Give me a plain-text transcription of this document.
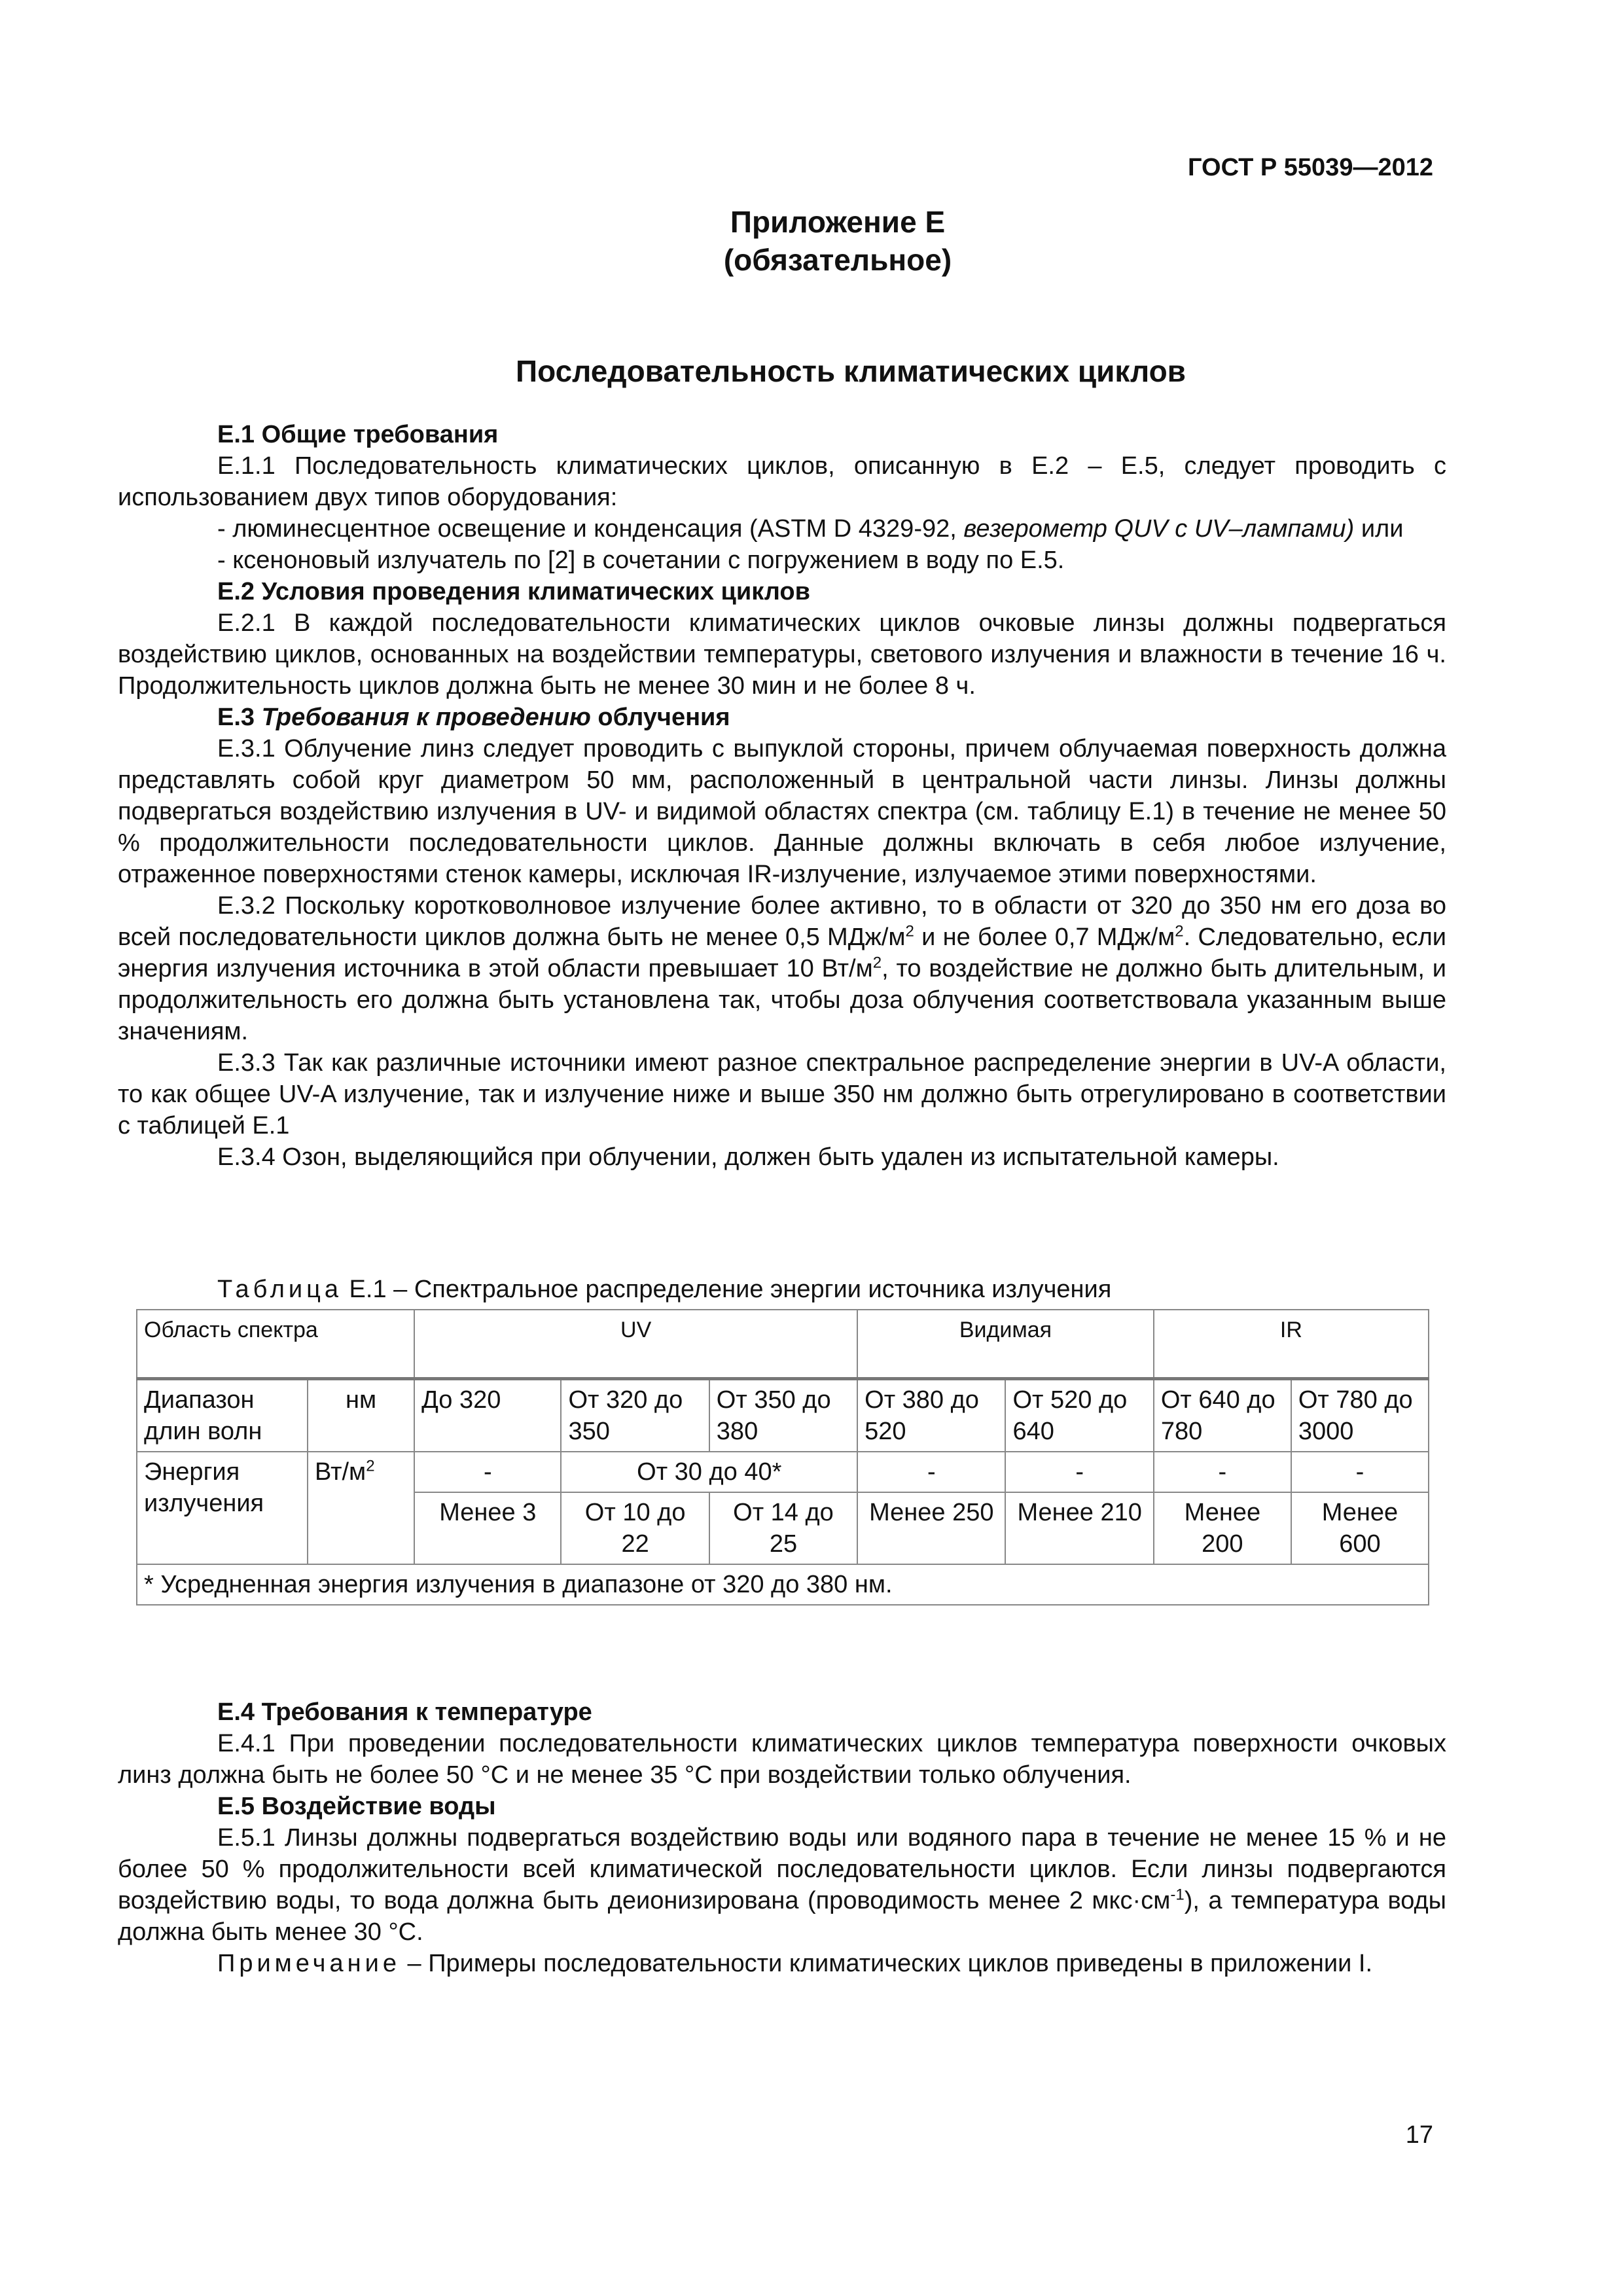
ГОСТ Р 55039—2012
Приложение Е
(обязательное)
Последовательность климатических циклов

Е.1 Общие требования

Е.1.1 Последовательность климатических циклов, описанную в Е.2 – Е.5, следует проводить с использованием двух типов оборудования:

- люминесцентное освещение и конденсация (ASTM D 4329-92, везерометр QUV с UV–лампами) или

- ксеноновый излучатель по [2] в сочетании с погружением в воду по Е.5.

Е.2 Условия проведения климатических циклов

Е.2.1 В каждой последовательности климатических циклов очковые линзы должны подвергаться воздействию циклов, основанных на воздействии температуры, светового излучения и влажности в течение 16 ч. Продолжительность циклов должна быть не менее 30 мин и не более 8 ч.

Е.3 Требования к проведению облучения

Е.3.1 Облучение линз следует проводить с выпуклой стороны, причем облучаемая поверхность должна представлять собой круг диаметром 50 мм, расположенный в центральной части линзы. Линзы должны подвергаться воздействию излучения в UV- и видимой областях спектра (см. таблицу Е.1) в течение не менее 50 % продолжительности последовательности циклов. Данные должны включать в себя любое излучение, отраженное поверхностями стенок камеры, исключая IR-излучение, излучаемое этими поверхностями.

Е.3.2 Поскольку коротковолновое излучение более активно, то в области от 320 до 350 нм его доза во всей последовательности циклов должна быть не менее 0,5 МДж/$м^2$ и не более 0,7 МДж/$м^2$. Следовательно, если энергия излучения источника в этой области превышает 10 $Вт/м^2$, то воздействие не должно быть длительным, и продолжительность его должна быть установлена так, чтобы доза облучения соответствовала указанным выше значениям.

Е.3.3 Так как различные источники имеют разное спектральное распределение энергии в UV-A области, то как общее UV-A излучение, так и излучение ниже и выше 350 нм должно быть отрегулировано в соответствии с таблицей Е.1

Е.3.4 Озон, выделяющийся при облучении, должен быть удален из испытательной камеры.

Таблица Е.1 – Спектральное распределение энергии источника излучения
Область спектра		UV			Видимая		IR	
Диапазон длин волн	нм	До 320	От 320 до 350	От 350 до 380	От 380 до 520	От 520 до 640	От 640 до 780	От 780 до 3000
Энергия излучения	$Вт/м^2$	-	От 30 до 40*		-	-	-	-
		Менее 3	От 10 до 22	От 14 до 25	Менее 250	Менее 210	Менее 200	Менее 600
* Усредненная энергия излучения в диапазоне от 320 до 380 нм.								

Е.4 Требования к температуре

Е.4.1 При проведении последовательности климатических циклов температура поверхности очковых линз должна быть не более 50 °С и не менее 35 °С при воздействии только облучения.

Е.5 Воздействие воды

Е.5.1 Линзы должны подвергаться воздействию воды или водяного пара в течение не менее 15 % и не более 50 % продолжительности всей климатической последовательности циклов. Если линзы подвергаются воздействию воды, то вода должна быть деионизирована (проводимость менее 2 $мкс\cdot см^{-1}$), а температура воды должна быть менее 30 °С.

Примечание – Примеры последовательности климатических циклов приведены в приложении I.

17
